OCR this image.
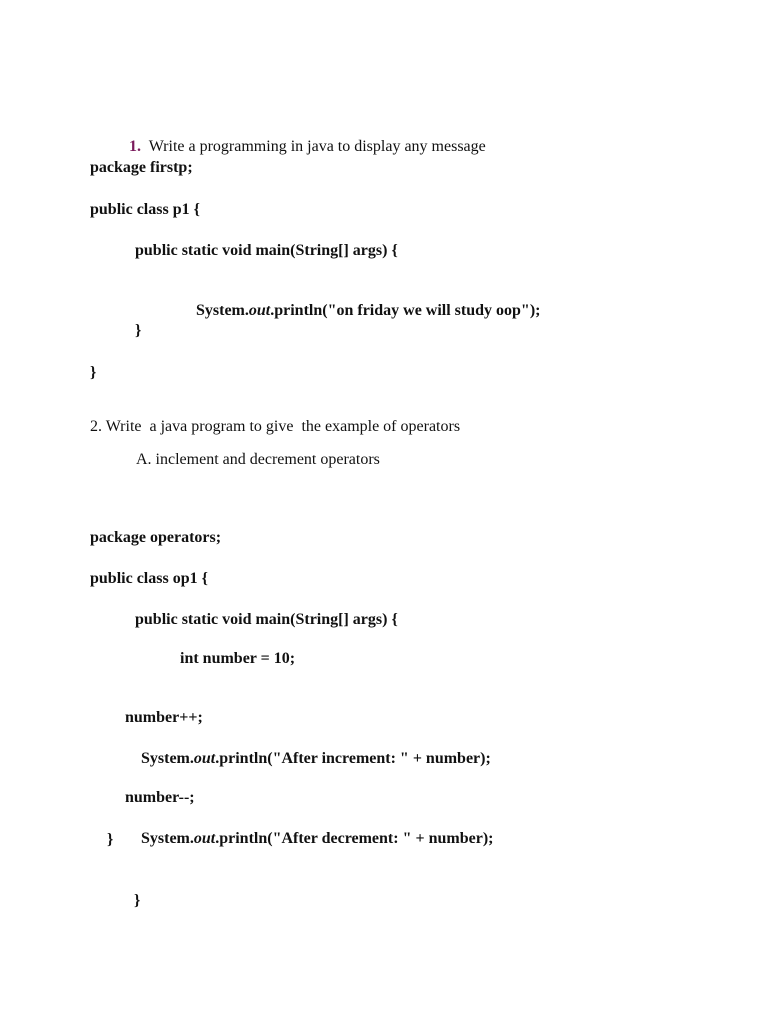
1. Write a programming in java to display any message

package firstp;
public class p1 {
public static void main(String[] args) {

System.out.println("on friday we will study oop");

}
}
2. Write  a java program to give  the example of operators
A. inclement and decrement operators
package operators;
public class op1 {
public static void main(String[] args) {
int number = 10;
number++;

System.out.println("After increment: " + number);

number--;

System.out.println("After decrement: " + number);

}
}
